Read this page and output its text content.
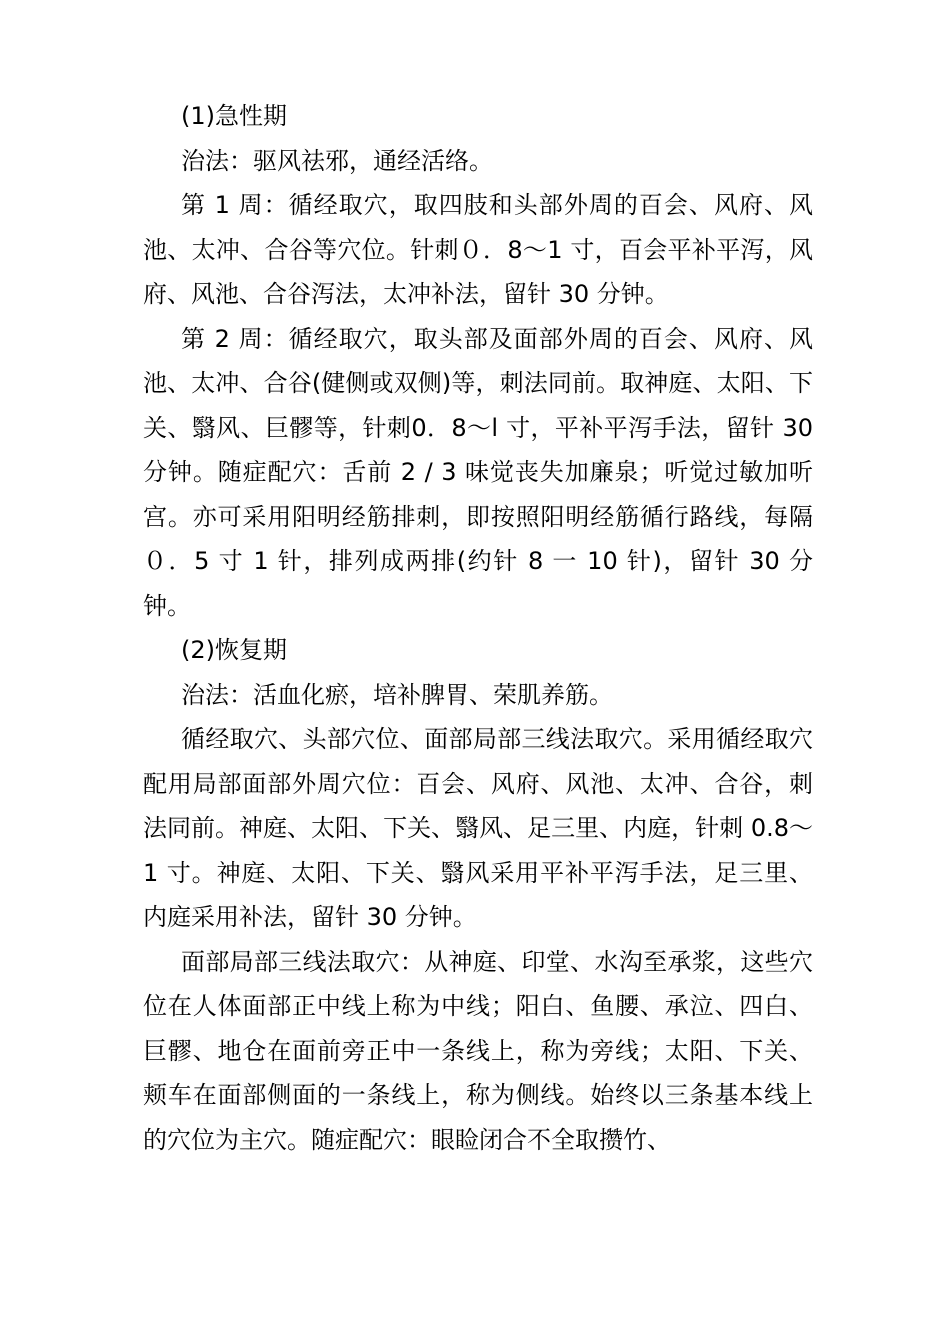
(1)急性期

治法：驱风祛邪，通经活络。

第 1 周：循经取穴，取四肢和头部外周的百会、风府、风池、太冲、合谷等穴位。针刺０．8～1 寸，百会平补平泻，风府、风池、合谷泻法，太冲补法，留针 30 分钟。

第 2 周：循经取穴，取头部及面部外周的百会、风府、风池、太冲、合谷(健侧或双侧)等，刺法同前。取神庭、太阳、下关、翳风、巨髎等，针刺0．8～l 寸，平补平泻手法，留针 30 分钟。随症配穴：舌前 2 / 3 味觉丧失加廉泉；听觉过敏加听宫。亦可采用阳明经筋排刺，即按照阳明经筋循行路线，每隔０．5 寸 1 针，排列成两排(约针 8 一 10 针)，留针 30 分钟。

(2)恢复期

治法：活血化瘀，培补脾胃、荣肌养筋。

循经取穴、头部穴位、面部局部三线法取穴。采用循经取穴配用局部面部外周穴位：百会、风府、风池、太冲、合谷，刺法同前。神庭、太阳、下关、翳风、足三里、内庭，针刺 0.8～1 寸。神庭、太阳、下关、翳风采用平补平泻手法，足三里、内庭采用补法，留针 30 分钟。

面部局部三线法取穴：从神庭、印堂、水沟至承浆，这些穴位在人体面部正中线上称为中线；阳白、鱼腰、承泣、四白、巨髎、地仓在面前旁正中一条线上，称为旁线；太阳、下关、颊车在面部侧面的一条线上，称为侧线。始终以三条基本线上的穴位为主穴。随症配穴：眼睑闭合不全取攒竹、
